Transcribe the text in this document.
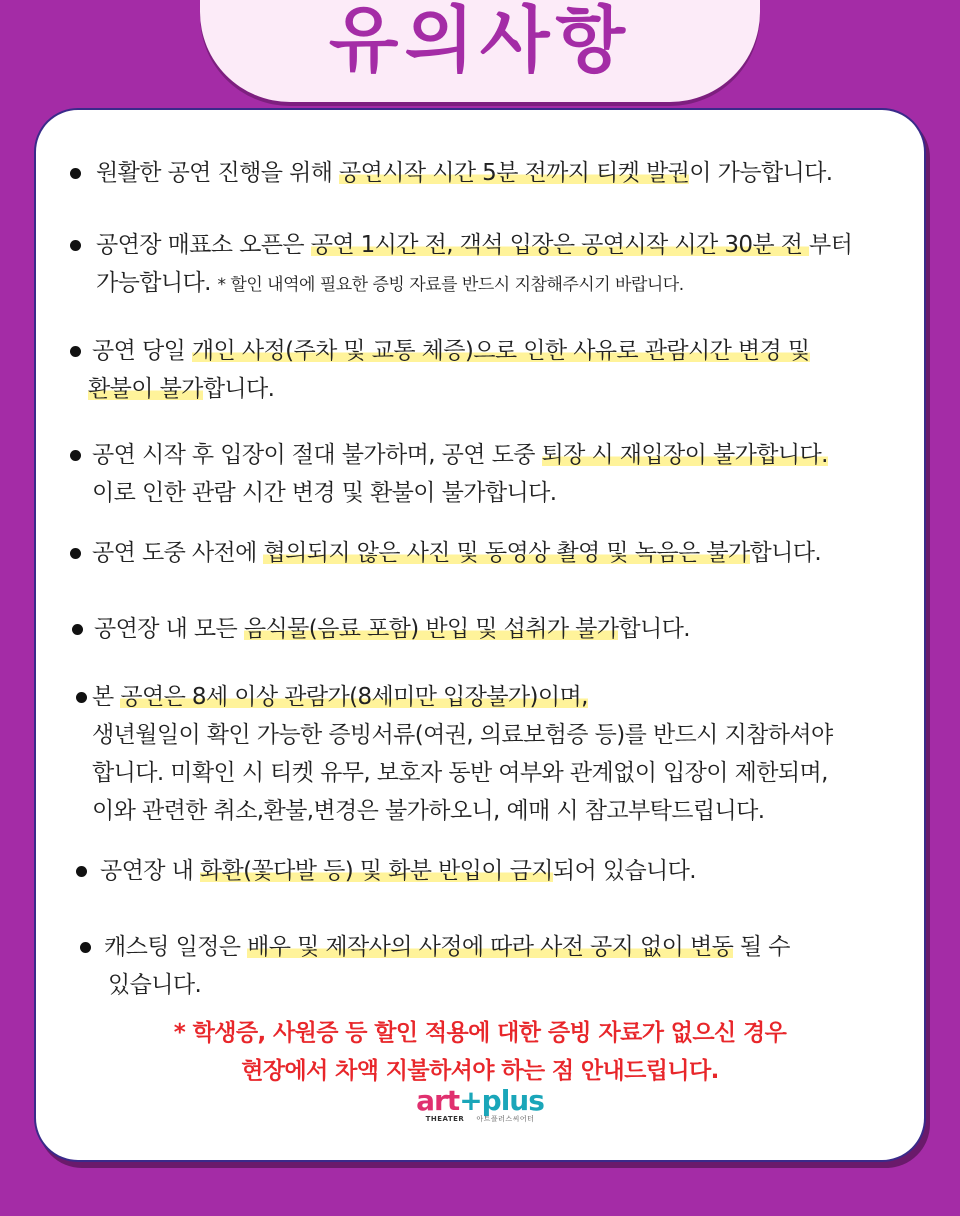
유의사항
원활한 공연 진행을 위해 공연시작 시간 5분 전까지 티켓 발권이 가능합니다.
공연장 매표소 오픈은 공연 1시간 전, 객석 입장은 공연시작 시간 30분 전 부터
가능합니다. * 할인 내역에 필요한 증빙 자료를 반드시 지참해주시기 바랍니다.
공연 당일 개인 사정(주차 및 교통 체증)으로 인한 사유로 관람시간 변경 및
환불이 불가합니다.
공연 시작 후 입장이 절대 불가하며, 공연 도중 퇴장 시 재입장이 불가합니다.
이로 인한 관람 시간 변경 및 환불이 불가합니다.
공연 도중 사전에 협의되지 않은 사진 및 동영상 촬영 및 녹음은 불가합니다.
공연장 내 모든 음식물(음료 포함) 반입 및 섭취가 불가합니다.
본 공연은 8세 이상 관람가(8세미만 입장불가)이며,
생년월일이 확인 가능한 증빙서류(여권, 의료보험증 등)를 반드시 지참하셔야
합니다. 미확인 시 티켓 유무, 보호자 동반 여부와 관계없이 입장이 제한되며,
이와 관련한 취소,환불,변경은 불가하오니, 예매 시 참고부탁드립니다.
공연장 내 화환(꽃다발 등) 및 화분 반입이 금지되어 있습니다.
캐스팅 일정은 배우 및 제작사의 사정에 따라 사전 공지 없이 변동 될 수
있습니다.
* 학생증, 사원증 등 할인 적용에 대한 증빙 자료가 없으신 경우
현장에서 차액 지불하셔야 하는 점 안내드립니다.
art+plus
THEATER 아트플러스씨어터
